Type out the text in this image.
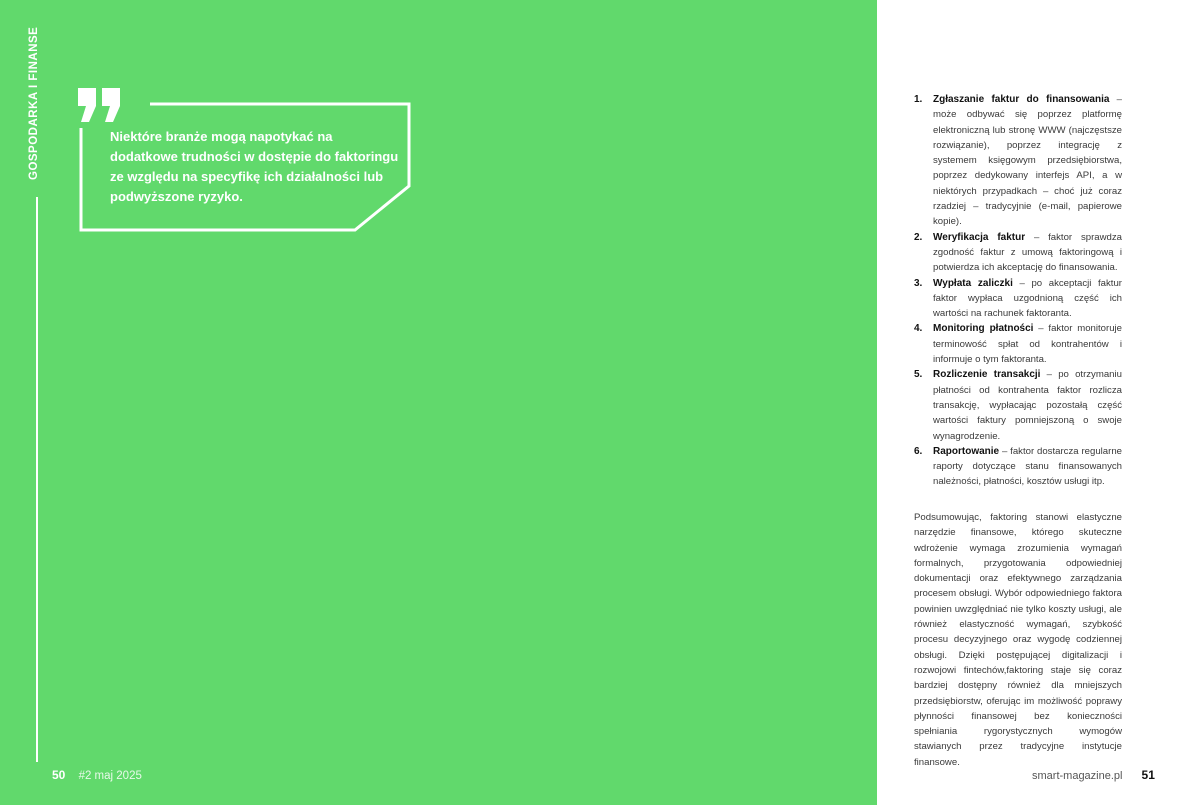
GOSPODARKA I FINANSE	Niektóre branże mogą napotykać na dodatkowe trudności w dostępie do faktoringu ze względu na specyfikę ich działalności lub podwyższone ryzyko.

50 #2 maj 2025
1. Zgłaszanie faktur do finansowania – może odbywać się poprzez platformę elektroniczną lub stronę WWW (najczęstsze rozwiązanie), poprzez integrację z systemem księgowym przedsiębiorstwa, poprzez dedykowany interfejs API, a w niektórych przypadkach – choć już coraz rzadziej – tradycyjnie (e-mail, papierowe kopie).
2. Weryfikacja faktur – faktor sprawdza zgodność faktur z umową faktoringową i potwierdza ich akceptację do finansowania.
3. Wypłata zaliczki – po akceptacji faktur faktor wypłaca uzgodnioną część ich wartości na rachunek faktoranta.
4. Monitoring płatności – faktor monitoruje terminowość spłat od kontrahentów i informuje o tym faktoranta.
5. Rozliczenie transakcji – po otrzymaniu płatności od kontrahenta faktor rozlicza transakcję, wypłacając pozostałą część wartości faktury pomniejszoną o swoje wynagrodzenie.
6. Raportowanie – faktor dostarcza regularne raporty dotyczące stanu finansowanych należności, płatności, kosztów usługi itp.

Podsumowując, faktoring stanowi elastyczne narzędzie finansowe, którego skuteczne wdrożenie wymaga zrozumienia wymagań formalnych, przygotowania odpowiedniej dokumentacji oraz efektywnego zarządzania procesem obsługi. Wybór odpowiedniego faktora powinien uwzględniać nie tylko koszty usługi, ale również elastyczność wymagań, szybkość procesu decyzyjnego oraz wygodę codziennej obsługi. Dzięki postępującej digitalizacji i rozwojowi fintechów,faktoring staje się coraz bardziej dostępny również dla mniejszych przedsiębiorstw, oferując im możliwość poprawy płynności finansowej bez konieczności spełniania rygorystycznych wymogów stawianych przez tradycyjne instytucje finansowe.

smart-magazine.pl 51
